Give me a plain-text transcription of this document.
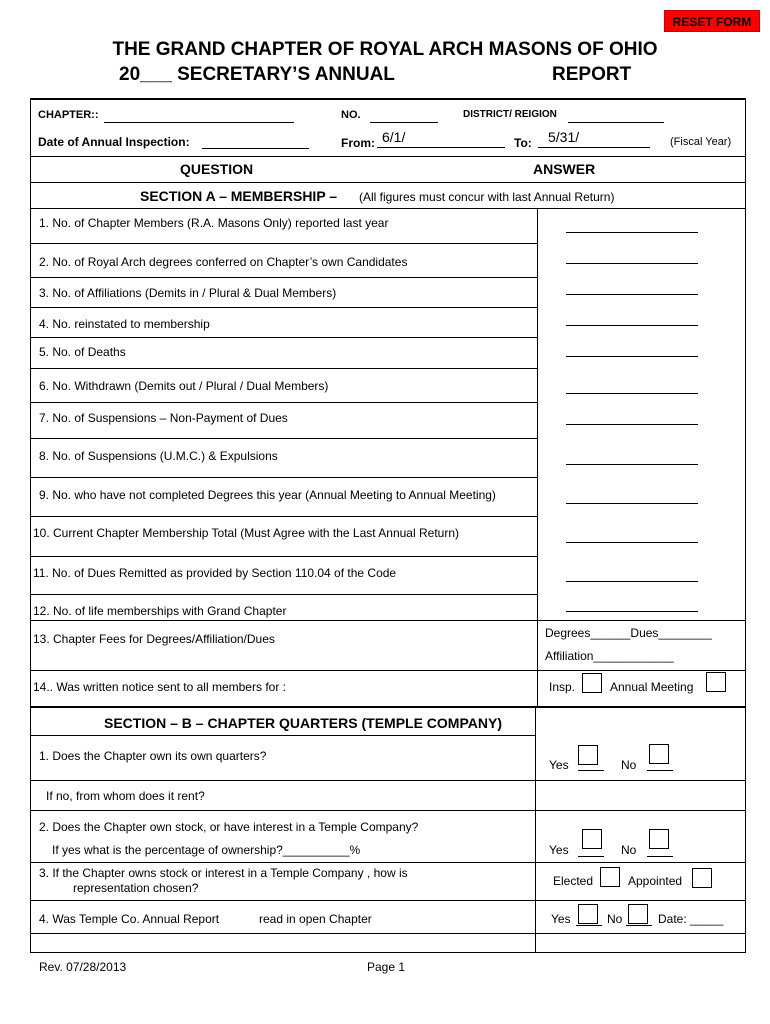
RESET FORM
THE GRAND CHAPTER OF ROYAL ARCH MASONS OF OHIO
20___ SECRETARY’S ANNUAL	REPORT
CHAPTER::	NO.	DISTRICT/ REIGION
Date of Annual Inspection:	From: 6/1/	To: 5/31/	(Fiscal Year)
QUESTION	ANSWER
SECTION A – MEMBERSHIP – (All figures must concur with last Annual Return)
1. No. of Chapter Members (R.A. Masons Only) reported last year
2. No. of Royal Arch degrees conferred on Chapter’s own Candidates
3. No. of Affiliations (Demits in / Plural & Dual Members)
4. No. reinstated to membership
5. No. of Deaths
6. No. Withdrawn (Demits out / Plural / Dual Members)
7. No. of Suspensions – Non-Payment of Dues
8. No. of Suspensions (U.M.C.) & Expulsions
9. No. who have not completed Degrees this year (Annual Meeting to Annual Meeting)
10. Current Chapter Membership Total (Must Agree with the Last Annual Return)
11. No. of Dues Remitted as provided by Section 110.04 of the Code
12. No. of life memberships with Grand Chapter
13. Chapter Fees for Degrees/Affiliation/Dues	Degrees______Dues________
Affiliation____________
14.. Was written notice sent to all members for :	Insp.	Annual Meeting
SECTION – B – CHAPTER QUARTERS (TEMPLE COMPANY)
1. Does the Chapter own its own quarters?
Yes	No
If no, from whom does it rent?
2. Does the Chapter own stock, or have interest in a Temple Company?
If yes what is the percentage of ownership?__________%	Yes	No
3. If the Chapter owns stock or interest in a Temple Company , how is
representation chosen?	Elected	Appointed
4. Was Temple Co. Annual Report	read in open Chapter	Yes	No	Date: _____
Rev. 07/28/2013	Page 1
